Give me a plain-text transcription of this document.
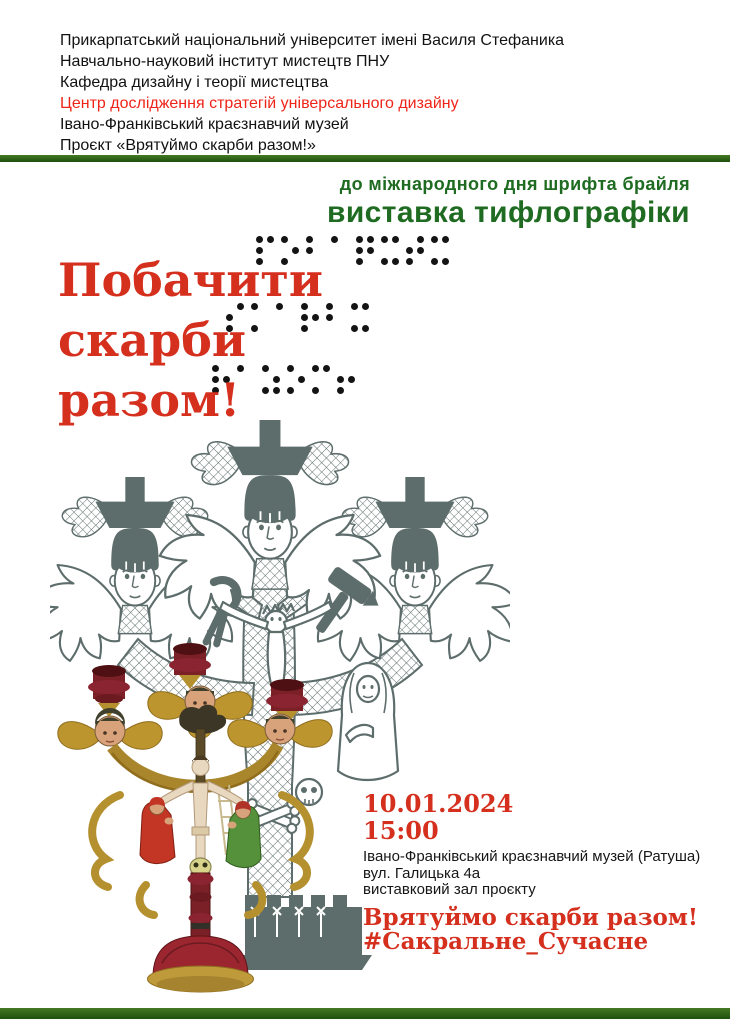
Прикарпатський національний університет імені Василя Стефаника
Навчально-науковий інститут мистецтв ПНУ
Кафедра дизайну і теорії мистецтва
Центр дослідження стратегій універсального дизайну
Івано-Франківський краєзнавчий музей
Проєкт «Врятуймо скарби разом!»
до міжнародного дня шрифта брайля
виставка тифлографіки
Побачити
скарби
разом!
10.01.2024
15:00
Івано-Франківський краєзнавчий музей (Ратуша)
вул. Галицька 4а
виставковий зал проєкту
Врятуймо скарби разом!
#Сакральне_Сучасне
